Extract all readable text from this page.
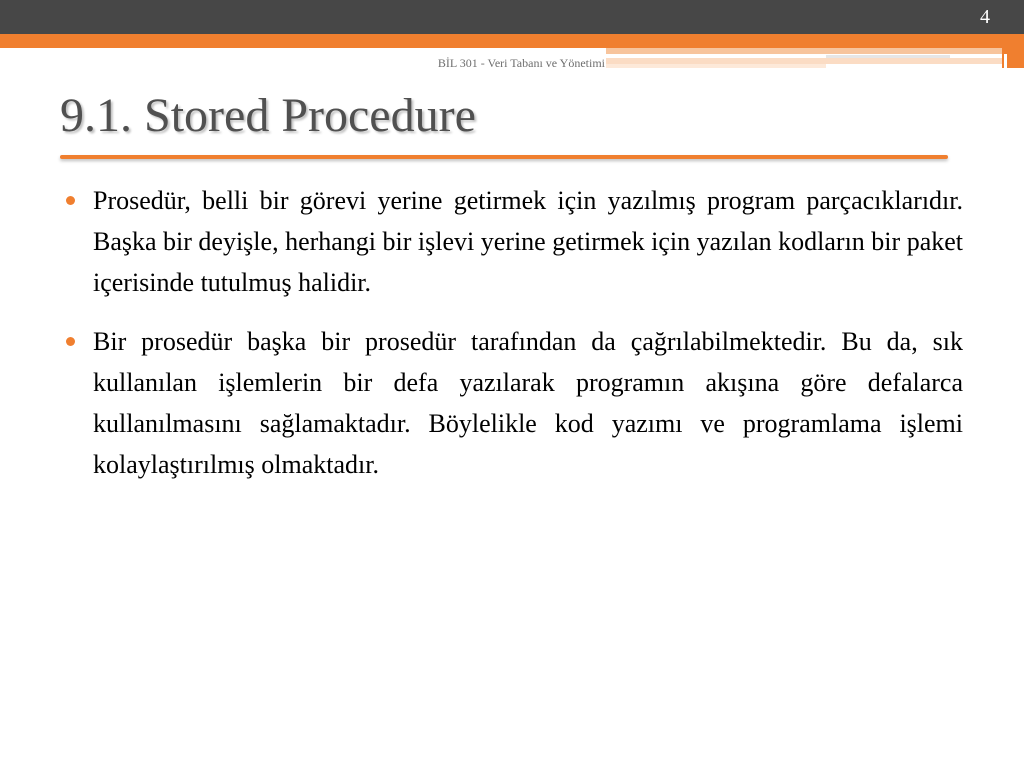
4
BİL 301 - Veri Tabanı ve Yönetimi
9.1. Stored Procedure
Prosedür, belli bir görevi yerine getirmek için yazılmış program parçacıklarıdır. Başka bir deyişle, herhangi bir işlevi yerine getirmek için yazılan kodların bir paket içerisinde tutulmuş halidir.
Bir prosedür başka bir prosedür tarafından da çağrılabilmektedir. Bu da, sık kullanılan işlemlerin bir defa yazılarak programın akışına göre defalarca kullanılmasını sağlamaktadır. Böylelikle kod yazımı ve programlama işlemi kolaylaştırılmış olmaktadır.
